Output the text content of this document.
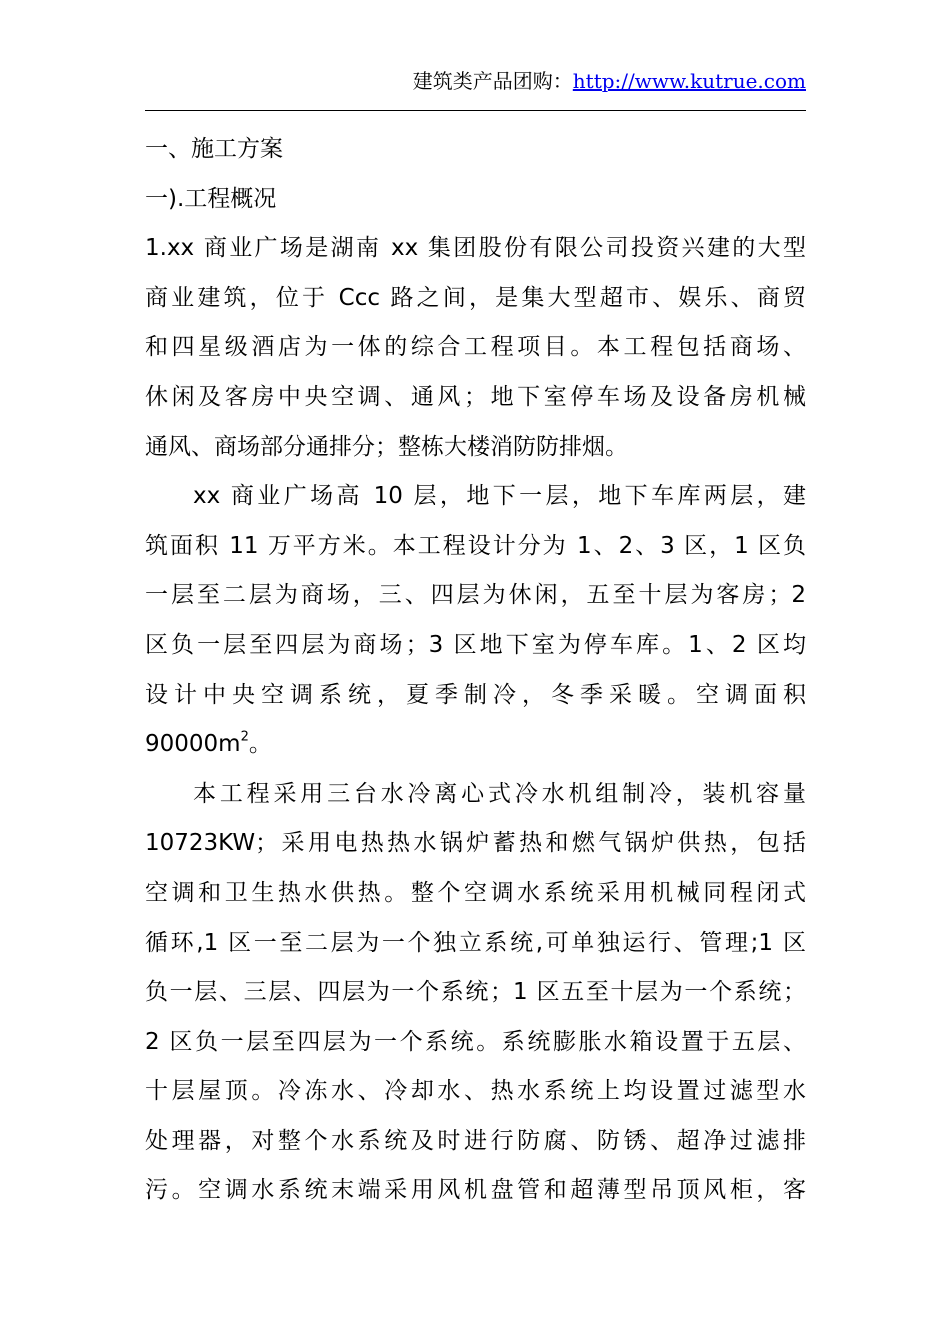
建筑类产品团购：http://www.kutrue.com
一、施工方案
一).工程概况
1.xx 商业广场是湖南 xx 集团股份有限公司投资兴建的大型
商业建筑，位于 Ccc 路之间，是集大型超市、娱乐、商贸
和四星级酒店为一体的综合工程项目。本工程包括商场、
休闲及客房中央空调、通风；地下室停车场及设备房机械
通风、商场部分通排分；整栋大楼消防防排烟。
xx 商业广场高 10 层，地下一层，地下车库两层，建
筑面积 11 万平方米。本工程设计分为 1、2、3 区，1 区负
一层至二层为商场，三、四层为休闲，五至十层为客房；2
区负一层至四层为商场；3 区地下室为停车库。1、2 区均
设计中央空调系统，夏季制冷，冬季采暖。空调面积
$90000m^2$。
本工程采用三台水冷离心式冷水机组制冷，装机容量
10723KW；采用电热热水锅炉蓄热和燃气锅炉供热，包括
空调和卫生热水供热。整个空调水系统采用机械同程闭式
循环,1 区一至二层为一个独立系统,可单独运行、管理;1 区
负一层、三层、四层为一个系统；1 区五至十层为一个系统；
2 区负一层至四层为一个系统。系统膨胀水箱设置于五层、
十层屋顶。冷冻水、冷却水、热水系统上均设置过滤型水
处理器，对整个水系统及时进行防腐、防锈、超净过滤排
污。空调水系统末端采用风机盘管和超薄型吊顶风柜，客
